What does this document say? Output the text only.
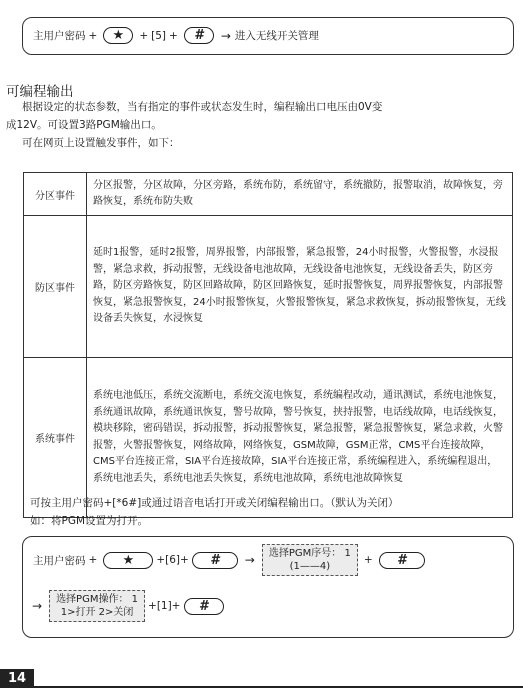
主用户密码 +	★	+ [5] +	#	→ 进入无线开关管理
可编程输出
根据设定的状态参数，当有指定的事件或状态发生时，编程输出口电压由0V变
成12V。可设置3路PGM输出口。
可在网页上设置触发事件，如下：
分区事件	分区报警，分区故障，分区旁路，系统布防，系统留守，系统撤防，报警取消，故障恢复，旁路恢复，系统布防失败
防区事件	延时1报警，延时2报警，周界报警，内部报警，紧急报警，24小时报警，火警报警，水浸报警，紧急求救，拆动报警，无线设备电池故障，无线设备电池恢复，无线设备丢失，防区旁路，防区旁路恢复，防区回路故障，防区回路恢复，延时报警恢复，周界报警恢复，内部报警恢复，紧急报警恢复，24小时报警恢复，火警报警恢复，紧急求救恢复，拆动报警恢复，无线设备丢失恢复，水浸恢复
系统事件	系统电池低压，系统交流断电，系统交流电恢复，系统编程改动，通讯测试，系统电池恢复，系统通讯故障，系统通讯恢复，警号故障，警号恢复，挟持报警，电话线故障，电话线恢复，模块移除，密码错误，拆动报警，拆动报警恢复，紧急报警，紧急报警恢复，紧急求救，火警报警，火警报警恢复，网络故障，网络恢复，GSM故障，GSM正常，CMS平台连接故障，CMS平台连接正常，SIA平台连接故障，SIA平台连接正常，系统编程进入，系统编程退出，系统电池丢失，系统电池丢失恢复，系统电池故障，系统电池故障恢复
可按主用户密码+[*6#]或通过语音电话打开或关闭编程输出口。（默认为关闭）
如：将PGM设置为打开。
主用户密码 +	★	+[6]+	#	→ 选择PGM序号： 1
(1——4)
+	#
→ 选择PGM操作： 1
1>打开 2>关闭
+[1]+	#
14
